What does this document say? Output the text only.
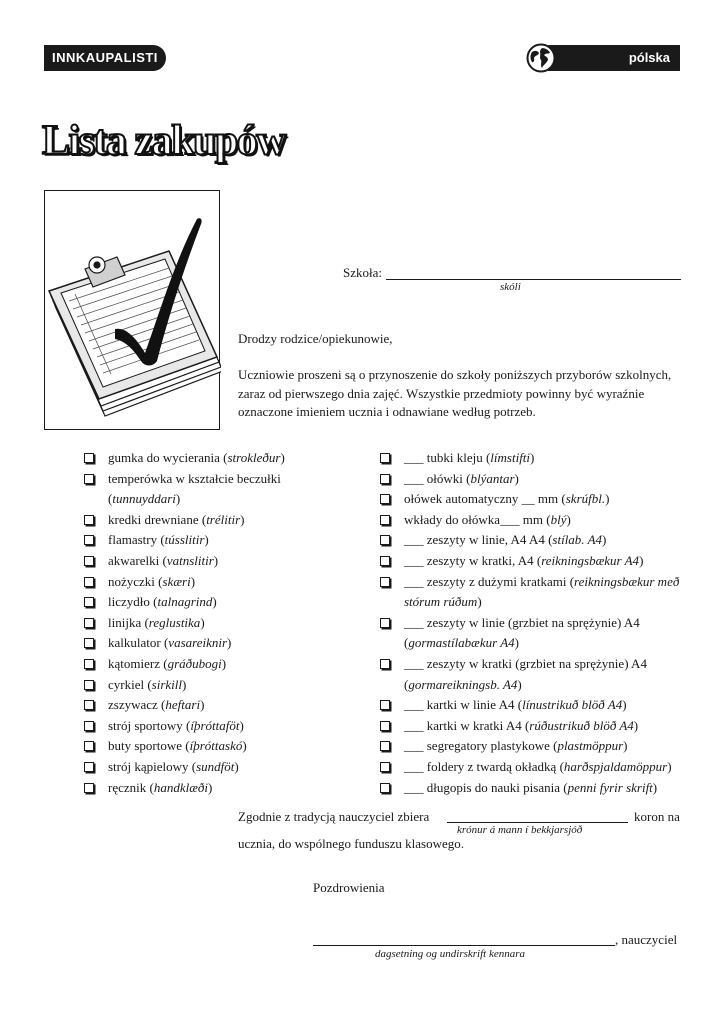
INNKAUPALISTI	pólska
Lista zakupów
Szkoła:
skóli
Drodzy rodzice/opiekunowie,
Uczniowie proszeni są o przynoszenie do szkoły poniższych przyborów szkolnych, zaraz od pierwszego dnia zajęć. Wszystkie przedmioty powinny być wyraźnie oznaczone imieniem ucznia i odnawiane według potrzeb.
gumka do wycierania (strokleður)
temperówka w kształcie beczułki (tunnuyddari)
kredki drewniane (trélitir)
flamastry (tússlitir)
akwarelki (vatnslitir)
nożyczki (skæri)
liczydło (talnagrind)
linijka (reglustika)
kalkulator (vasareiknir)
kątomierz (gráðubogi)
cyrkiel (sirkill)
zszywacz (heftari)
strój sportowy (íþróttaföt)
buty sportowe (íþróttaskó)
strój kąpielowy (sundföt)
ręcznik (handklæði)
___ tubki kleju (límstifti)
___ ołówki (blýantar)
ołówek automatyczny __ mm (skrúfbl.)
wkłady do ołówka___ mm (blý)
___ zeszyty w linie, A4 A4 (stílab. A4)
___ zeszyty w kratki, A4 (reikningsbækur A4)
___ zeszyty z dużymi kratkami (reikningsbækur með stórum rúðum)
___ zeszyty w linie (grzbiet na sprężynie) A4 (gormastílabækur A4)
___ zeszyty w kratki (grzbiet na sprężynie) A4 (gormareikningsb. A4)
___ kartki w linie A4 (línustrikuð blöð A4)
___ kartki w kratki A4 (rúðustrikuð blöð A4)
___ segregatory plastykowe (plastmöppur)
___ foldery z twardą okładką (harðspjaldamöppur)
___ długopis do nauki pisania (penni fyrir skrift)
Zgodnie z tradycją nauczyciel zbiera	koron na
krónur á mann í bekkjarsjóð
ucznia, do wspólnego funduszu klasowego.
Pozdrowienia
, nauczyciel
dagsetning og undirskrift kennara
